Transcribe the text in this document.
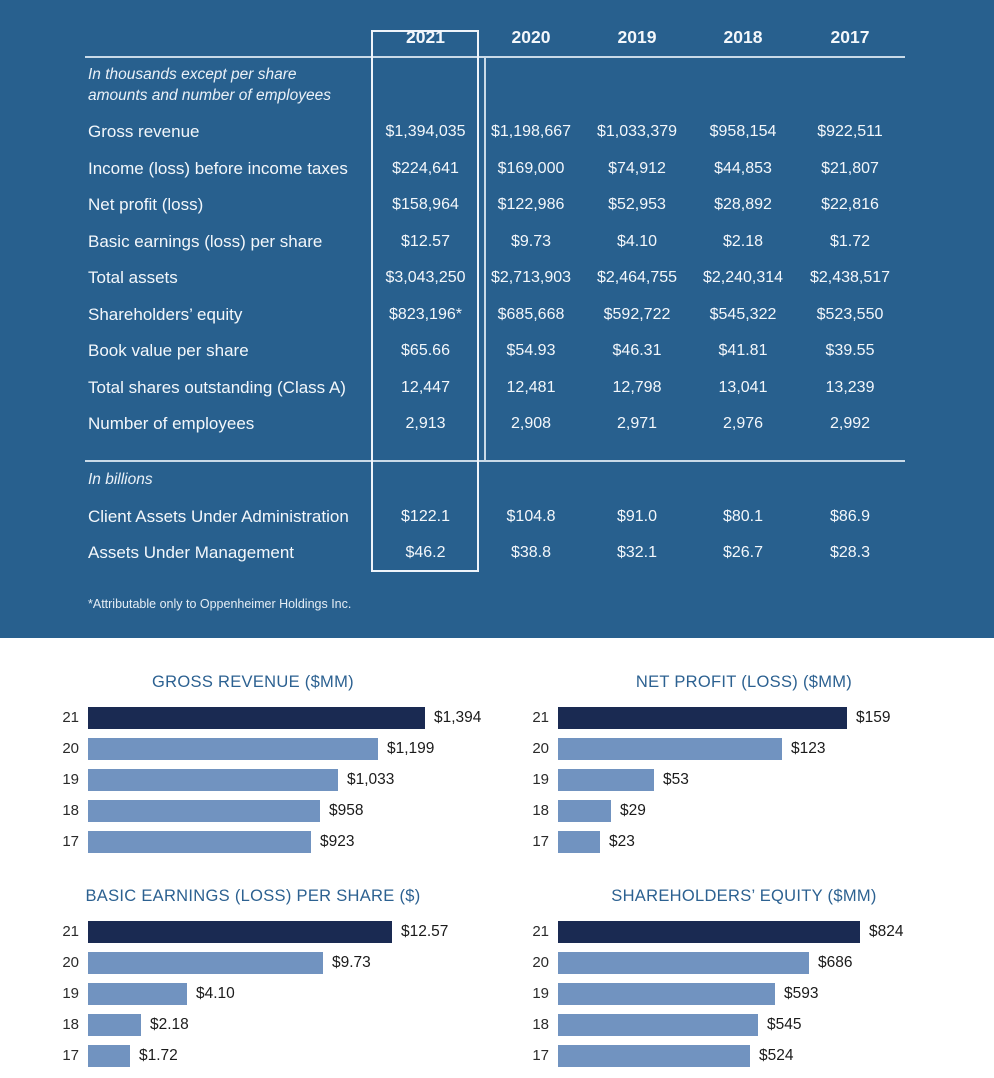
2021	2020	2019	2018	2017
In thousands except per share
amounts and number of employees
Gross revenue	$1,394,035	$1,198,667	$1,033,379	$958,154	$922,511
Income (loss) before income taxes	$224,641	$169,000	$74,912	$44,853	$21,807
Net profit (loss)	$158,964	$122,986	$52,953	$28,892	$22,816
Basic earnings (loss) per share	$12.57	$9.73	$4.10	$2.18	$1.72
Total assets	$3,043,250	$2,713,903	$2,464,755	$2,240,314	$2,438,517
Shareholders’ equity	$823,196*	$685,668	$592,722	$545,322	$523,550
Book value per share	$65.66	$54.93	$46.31	$41.81	$39.55
Total shares outstanding (Class A)	12,447	12,481	12,798	13,041	13,239
Number of employees	2,913	2,908	2,971	2,976	2,992
In billions
Client Assets Under Administration	$122.1	$104.8	$91.0	$80.1	$86.9
Assets Under Management	$46.2	$38.8	$32.1	$26.7	$28.3
*Attributable only to Oppenheimer Holdings Inc.
GROSS REVENUE ($MM)
21	$1,394
20	$1,199
19	$1,033
18	$958
17	$923
NET PROFIT (LOSS) ($MM)
21	$159
20	$123
19	$53
18	$29
17	$23
BASIC EARNINGS (LOSS) PER SHARE ($)
21	$12.57
20	$9.73
19	$4.10
18	$2.18
17	$1.72
SHAREHOLDERS’ EQUITY ($MM)
21	$824
20	$686
19	$593
18	$545
17	$524
